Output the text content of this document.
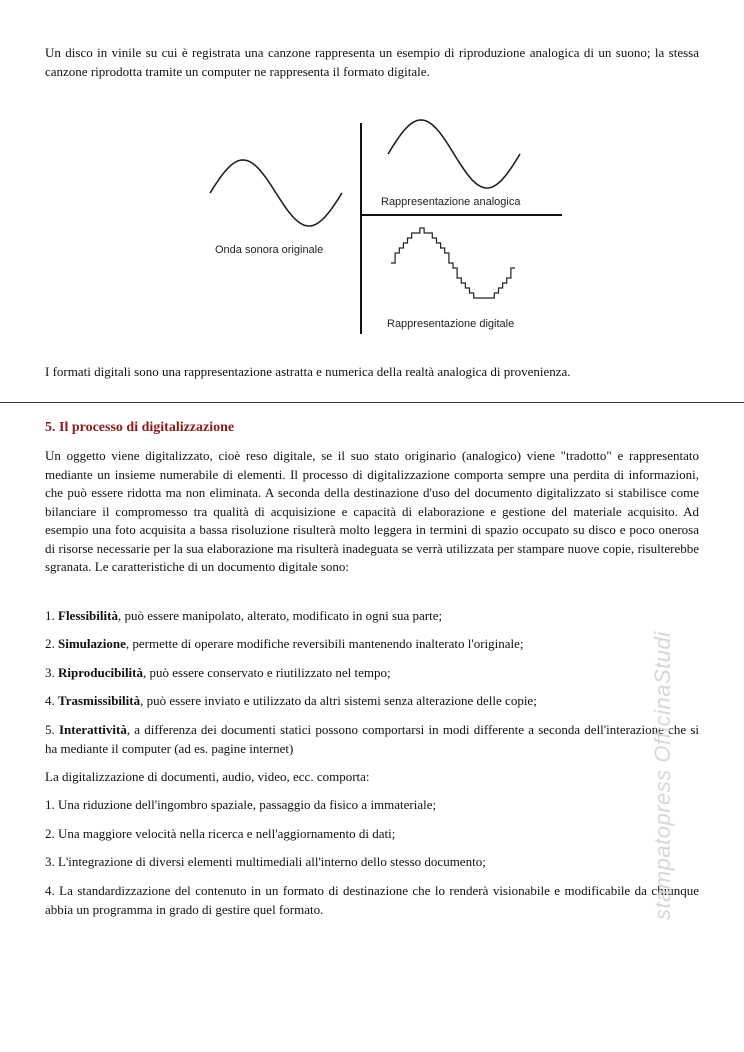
Un disco in vinile su cui è registrata una canzone rappresenta un esempio di riproduzione analogica di un suono; la stessa canzone riprodotta tramite un computer ne rappresenta il formato digitale.

Onda sonora originale
Rappresentazione analogica
Rappresentazione digitale

I formati digitali sono una rappresentazione astratta e numerica della realtà analogica di provenienza.

5. Il processo di digitalizzazione

Un oggetto viene digitalizzato, cioè reso digitale, se il suo stato originario (analogico) viene "tradotto" e rappresentato mediante un insieme numerabile di elementi. Il processo di digitalizzazione comporta sempre una perdita di informazioni, che può essere ridotta ma non eliminata. A seconda della destinazione d'uso del documento digitalizzato si stabilisce come bilanciare il compromesso tra qualità di acquisizione e capacità di elaborazione e gestione del materiale acquisito. Ad esempio una foto acquisita a bassa risoluzione risulterà molto leggera in termini di spazio occupato su disco e poco onerosa di risorse necessarie per la sua elaborazione ma risulterà inadeguata se verrà utilizzata per stampare nuove copie, risulterebbe sgranata. Le caratteristiche di un documento digitale sono:

1. Flessibilità, può essere manipolato, alterato, modificato in ogni sua parte;

2. Simulazione, permette di operare modifiche reversibili mantenendo inalterato l'originale;

3. Riproducibilità, può essere conservato e riutilizzato nel tempo;

4. Trasmissibilità, può essere inviato e utilizzato da altri sistemi senza alterazione delle copie;

5. Interattività, a differenza dei documenti statici possono comportarsi in modi differente a seconda dell'interazione che si ha mediante il computer (ad es. pagine internet)

La digitalizzazione di documenti, audio, video, ecc. comporta:

1. Una riduzione dell'ingombro spaziale, passaggio da fisico a immateriale;

2. Una maggiore velocità nella ricerca e nell'aggiornamento di dati;

3. L'integrazione di diversi elementi multimediali all'interno dello stesso documento;

4. La standardizzazione del contenuto in un formato di destinazione che lo renderà visionabile e modificabile da chiunque abbia un programma in grado di gestire quel formato.	stampatopress OfficinaStudi
